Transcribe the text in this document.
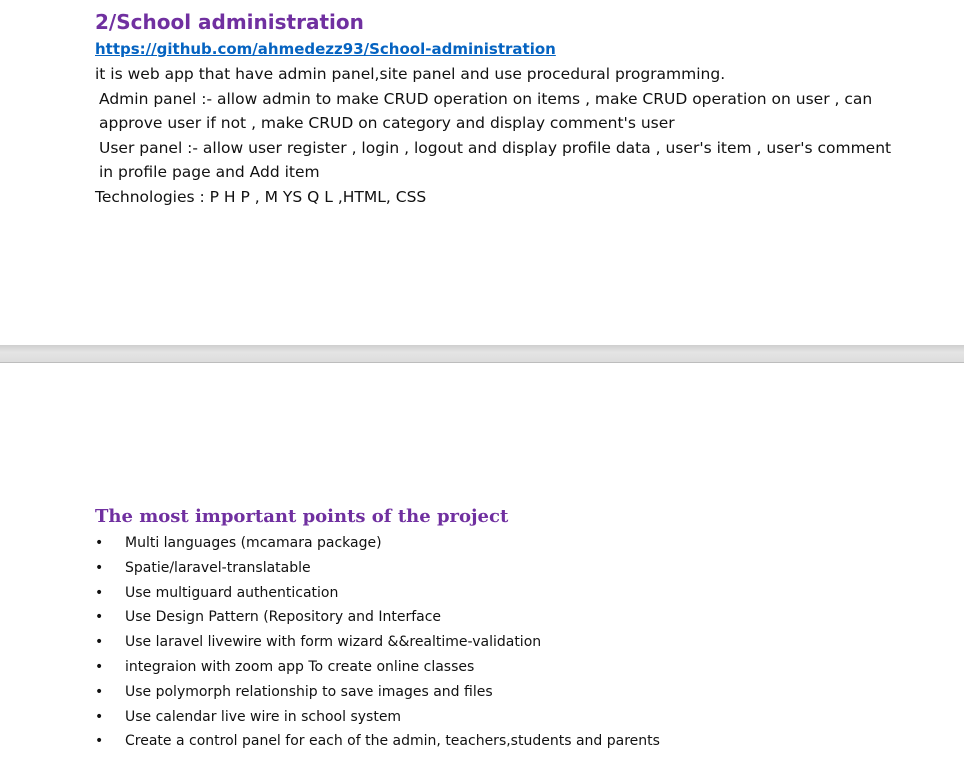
2/School administration
https://github.com/ahmedezz93/School-administration

it is web app that have admin panel,site panel and use procedural programming.

Admin panel :- allow admin to make CRUD operation on items , make CRUD operation on user , can approve user if not , make CRUD on category and display comment's user

User panel :- allow user register , login , logout and display profile data , user's item , user's comment in profile page and Add item

Technologies : P H P , M YS Q L ,HTML, CSS

The most important points of the project
• Multi languages (mcamara package)
• Spatie/laravel-translatable
• Use multiguard authentication
• Use Design Pattern (Repository and Interface
• Use laravel livewire with form wizard &&realtime-validation
• integraion with zoom app To create online classes
• Use polymorph relationship to save images and files
• Use calendar live wire in school system
• Create a control panel for each of the admin, teachers,students and parents
